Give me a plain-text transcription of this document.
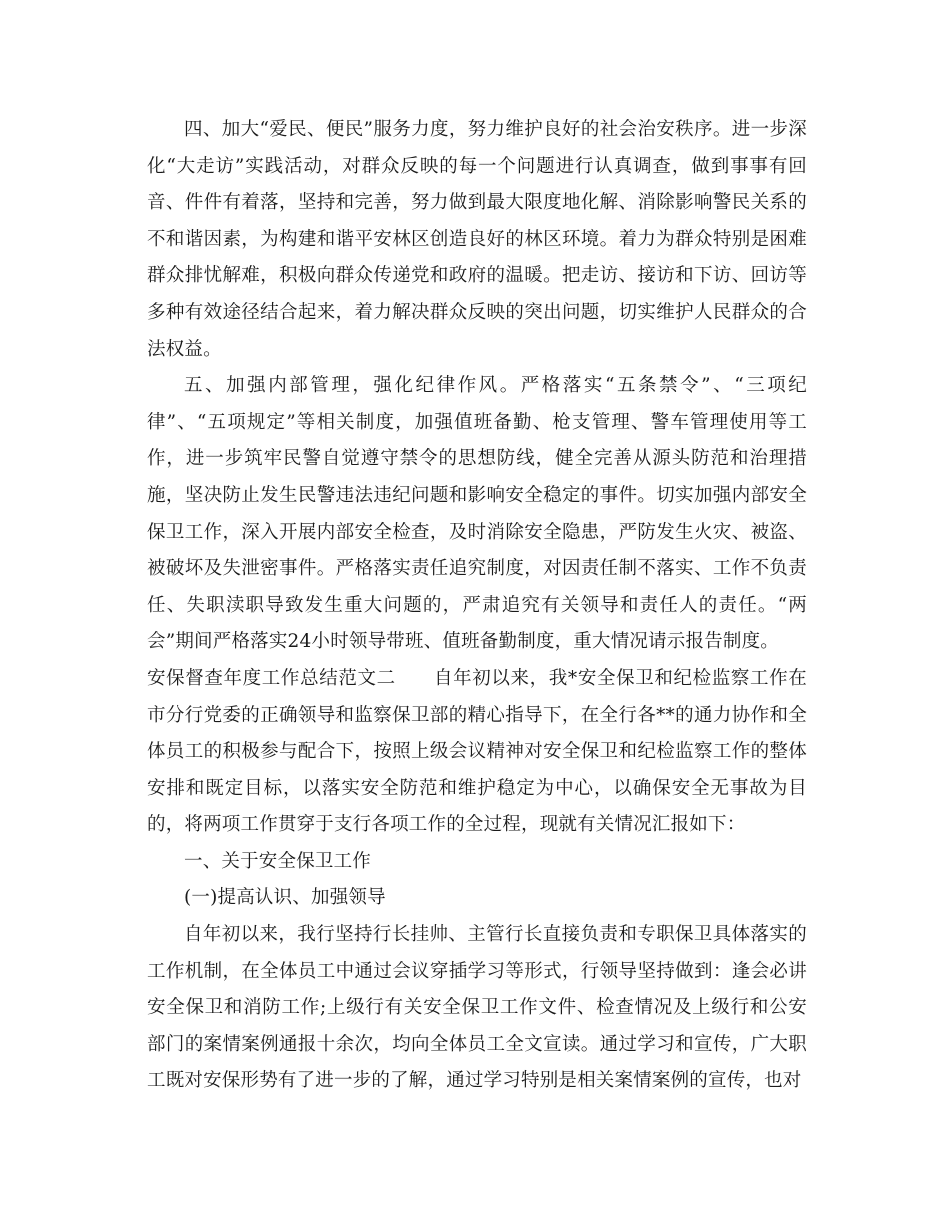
四、加大“爱民、便民”服务力度，努力维护良好的社会治安秩序。进一步深化“大走访”实践活动，对群众反映的每一个问题进行认真调查，做到事事有回音、件件有着落，坚持和完善，努力做到最大限度地化解、消除影响警民关系的不和谐因素，为构建和谐平安林区创造良好的林区环境。着力为群众特别是困难群众排忧解难，积极向群众传递党和政府的温暖。把走访、接访和下访、回访等多种有效途径结合起来，着力解决群众反映的突出问题，切实维护人民群众的合法权益。

五、加强内部管理，强化纪律作风。严格落实“五条禁令”、“三项纪律”、“五项规定”等相关制度，加强值班备勤、枪支管理、警车管理使用等工作，进一步筑牢民警自觉遵守禁令的思想防线，健全完善从源头防范和治理措施，坚决防止发生民警违法违纪问题和影响安全稳定的事件。切实加强内部安全保卫工作，深入开展内部安全检查，及时消除安全隐患，严防发生火灾、被盗、被破坏及失泄密事件。严格落实责任追究制度，对因责任制不落实、工作不负责任、失职渎职导致发生重大问题的，严肃追究有关领导和责任人的责任。“两会”期间严格落实24小时领导带班、值班备勤制度，重大情况请示报告制度。

安保督查年度工作总结范文二　　自年初以来，我*安全保卫和纪检监察工作在市分行党委的正确领导和监察保卫部的精心指导下，在全行各**的通力协作和全体员工的积极参与配合下，按照上级会议精神对安全保卫和纪检监察工作的整体安排和既定目标，以落实安全防范和维护稳定为中心，以确保安全无事故为目的，将两项工作贯穿于支行各项工作的全过程，现就有关情况汇报如下：

一、关于安全保卫工作

(一)提高认识、加强领导

自年初以来，我行坚持行长挂帅、主管行长直接负责和专职保卫具体落实的工作机制，在全体员工中通过会议穿插学习等形式，行领导坚持做到：逢会必讲安全保卫和消防工作;上级行有关安全保卫工作文件、检查情况及上级行和公安部门的案情案例通报十余次，均向全体员工全文宣读。通过学习和宣传，广大职工既对安保形势有了进一步的了解，通过学习特别是相关案情案例的宣传，也对
